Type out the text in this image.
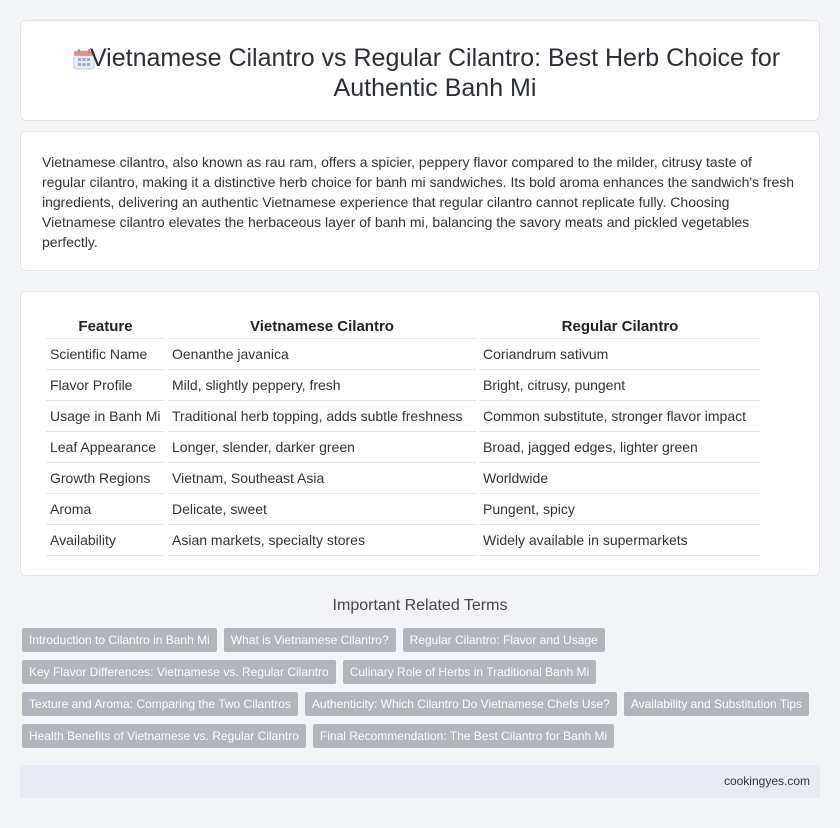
Vietnamese Cilantro vs Regular Cilantro: Best Herb Choice for Authentic Banh Mi

Vietnamese cilantro, also known as rau ram, offers a spicier, peppery flavor compared to the milder, citrusy taste of regular cilantro, making it a distinctive herb choice for banh mi sandwiches. Its bold aroma enhances the sandwich's fresh ingredients, delivering an authentic Vietnamese experience that regular cilantro cannot replicate fully. Choosing Vietnamese cilantro elevates the herbaceous layer of banh mi, balancing the savory meats and pickled vegetables perfectly.

Feature	Vietnamese Cilantro	Regular Cilantro
Scientific Name	Oenanthe javanica	Coriandrum sativum
Flavor Profile	Mild, slightly peppery, fresh	Bright, citrusy, pungent
Usage in Banh Mi	Traditional herb topping, adds subtle freshness	Common substitute, stronger flavor impact
Leaf Appearance	Longer, slender, darker green	Broad, jagged edges, lighter green
Growth Regions	Vietnam, Southeast Asia	Worldwide
Aroma	Delicate, sweet	Pungent, spicy
Availability	Asian markets, specialty stores	Widely available in supermarkets
Important Related Terms
Introduction to Cilantro in Banh Mi	What is Vietnamese Cilantro?	Regular Cilantro: Flavor and Usage
Key Flavor Differences: Vietnamese vs. Regular Cilantro	Culinary Role of Herbs in Traditional Banh Mi
Texture and Aroma: Comparing the Two Cilantros	Authenticity: Which Cilantro Do Vietnamese Chefs Use?	Availability and Substitution Tips
Health Benefits of Vietnamese vs. Regular Cilantro	Final Recommendation: The Best Cilantro for Banh Mi
cookingyes.com
